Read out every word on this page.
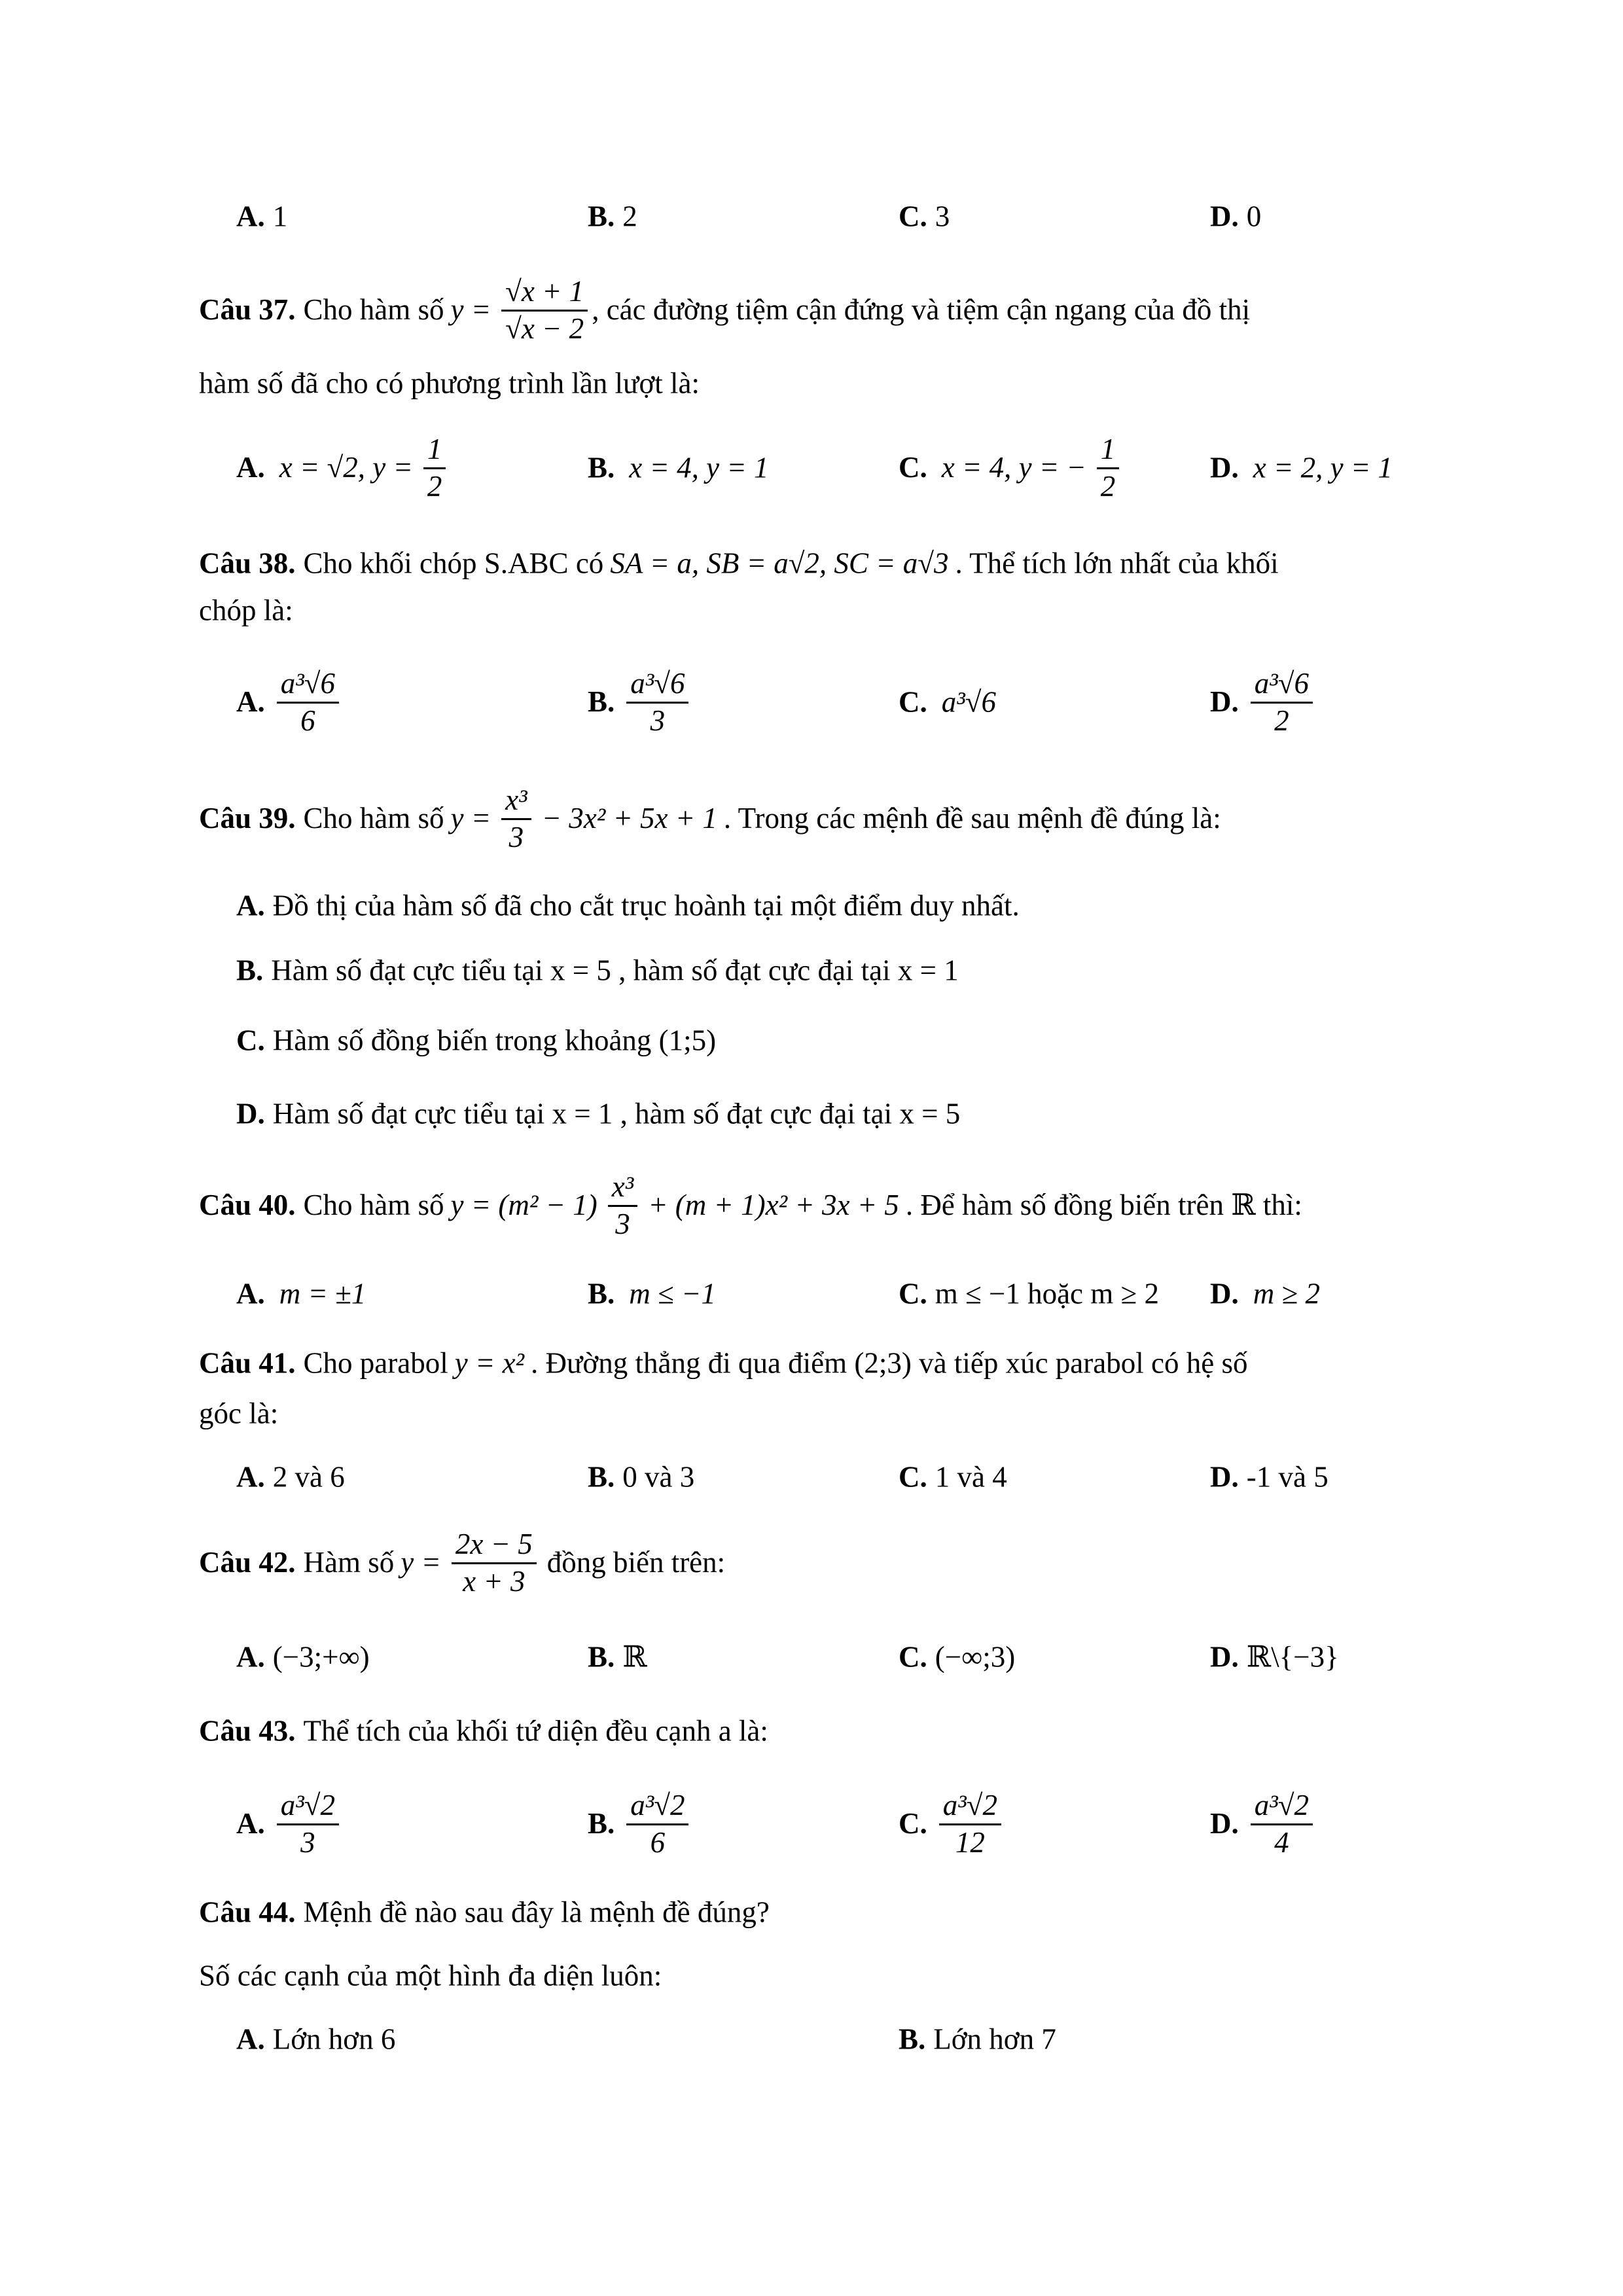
A. 1	B. 2	C. 3	D. 0
Câu 37. Cho hàm số $y = \frac{√x + 1}{√x - 2}$ , các đường tiệm cận đứng và tiệm cận ngang của đồ thị
hàm số đã cho có phương trình lần lượt là:
A. x = √2, $y = \frac{1}{2}$	B. x = 4, y = 1	C. x = 4, y = − $\frac{1}{2}$	D. x = 2, y = 1
Câu 38. Cho khối chóp S.ABC có SA = a, SB = a√2, SC = a√3 . Thể tích lớn nhất của khối
chóp là:
A. $\frac{\text{a³√6}}{6}$	B. $\frac{\text{a³√6}}{3}$	C. a³√6	D. $\frac{\text{a³√6}}{2}$
Câu 39. Cho hàm số $y = \frac{\text{x³}}{3} - 3x^2 + 5x + 1$ . Trong các mệnh đề sau mệnh đề đúng là:
A. Đồ thị của hàm số đã cho cắt trục hoành tại một điểm duy nhất.
B. Hàm số đạt cực tiểu tại x = 5 , hàm số đạt cực đại tại x = 1
C. Hàm số đồng biến trong khoảng (1;5)
D. Hàm số đạt cực tiểu tại x = 1 , hàm số đạt cực đại tại x = 5
Câu 40. Cho hàm số $y = (m^2 - 1) \frac{\text{x³}}{3} + (m + 1)x^2 + 3x + 5$ . Để hàm số đồng biến trên ℝ thì:
A. m = ±1	B. m ≤ −1	C. m ≤ −1 hoặc m ≥ 2 D. m ≥ 2
Câu 41. Cho parabol y = x² . Đường thẳng đi qua điểm (2;3) và tiếp xúc parabol có hệ số
góc là:
A. 2 và 6	B. 0 và 3	C. 1 và 4	D. -1 và 5
Câu 42. Hàm số $y = \frac{2x - 5}{x + 3}$ đồng biến trên:
A. (−3;+∞)	B. ℝ	C. (−∞;3)	D. ℝ\{−3}
Câu 43. Thể tích của khối tứ diện đều cạnh a là:
A. $\frac{\text{a³√2}}{3}$	B. $\frac{\text{a³√2}}{6}$	C. $\frac{\text{a³√2}}{12}$	D. $\frac{\text{a³√2}}{4}$
Câu 44. Mệnh đề nào sau đây là mệnh đề đúng?
Số các cạnh của một hình đa diện luôn:
A. Lớn hơn 6	B. Lớn hơn 7
